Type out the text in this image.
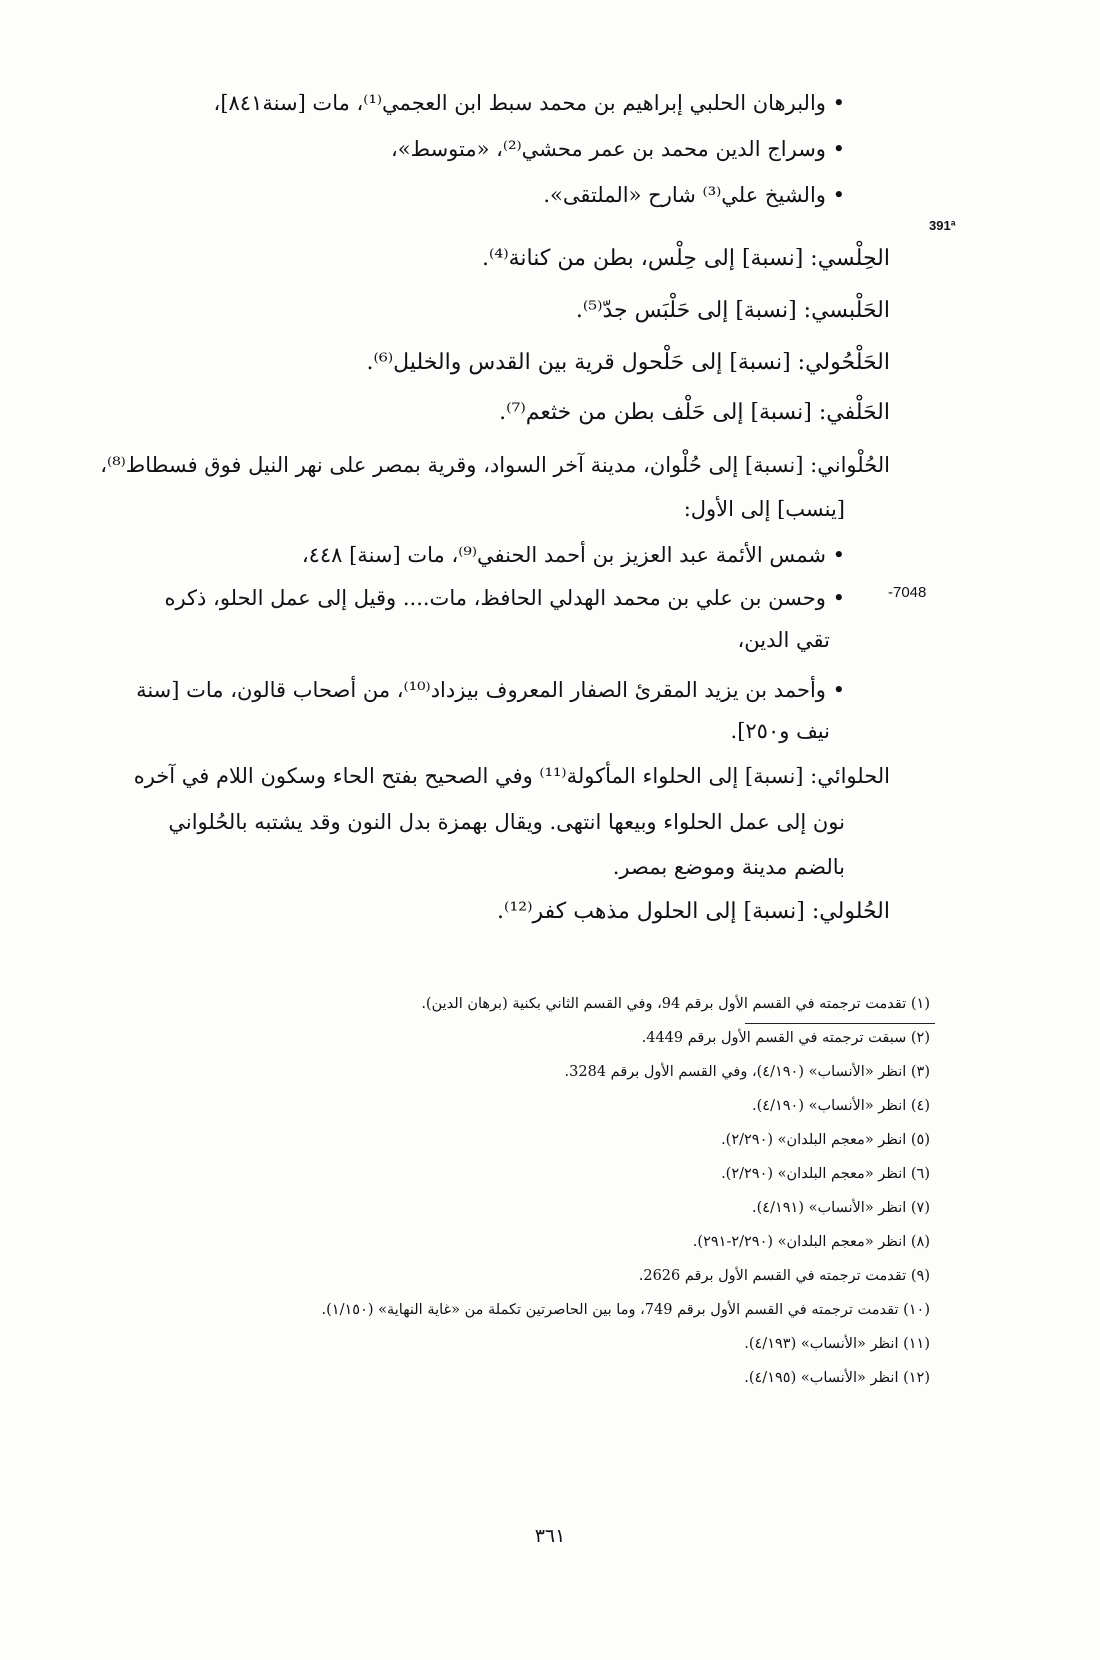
• والبرهان الحلبي إبراهيم بن محمد سبط ابن العجمي⁽¹⁾، مات [سنة٨٤١]،
• وسراج الدين محمد بن عمر محشي⁽²⁾، «متوسط»،
• والشيخ علي⁽³⁾ شارح «الملتقى».
391ª
الحِلْسي: [نسبة] إلى حِلْس، بطن من كنانة⁽⁴⁾.
الحَلْبسي: [نسبة] إلى حَلْبَس جدّ⁽⁵⁾.
الحَلْحُولي: [نسبة] إلى حَلْحول قرية بين القدس والخليل⁽⁶⁾.
الحَلْفي: [نسبة] إلى حَلْف بطن من خثعم⁽⁷⁾.
الحُلْواني: [نسبة] إلى حُلْوان، مدينة آخر السواد، وقرية بمصر على نهر النيل فوق فسطاط⁽⁸⁾،
[ينسب] إلى الأول:
• شمس الأئمة عبد العزيز بن أحمد الحنفي⁽⁹⁾، مات [سنة] ٤٤٨،
-7048
• وحسن بن علي بن محمد الهدلي الحافظ، مات.... وقيل إلى عمل الحلو، ذكره
تقي الدين،
• وأحمد بن يزيد المقرئ الصفار المعروف بيزداد⁽¹⁰⁾، من أصحاب قالون، مات [سنة
نيف و٢٥٠].
الحلوائي: [نسبة] إلى الحلواء المأكولة⁽¹¹⁾ وفي الصحيح بفتح الحاء وسكون اللام في آخره
نون إلى عمل الحلواء وبيعها انتهى. ويقال بهمزة بدل النون وقد يشتبه بالحُلواني
بالضم مدينة وموضع بمصر.
الحُلولي: [نسبة] إلى الحلول مذهب كفر⁽¹²⁾.
(١) تقدمت ترجمته في القسم الأول برقم 94، وفي القسم الثاني بكنية (برهان الدين).
(٢) سبقت ترجمته في القسم الأول برقم 4449.
(٣) انظر «الأنساب» (٤/١٩٠)، وفي القسم الأول برقم 3284.
(٤) انظر «الأنساب» (٤/١٩٠).
(٥) انظر «معجم البلدان» (٢/٢٩٠).
(٦) انظر «معجم البلدان» (٢/٢٩٠).
(٧) انظر «الأنساب» (٤/١٩١).
(٨) انظر «معجم البلدان» (٢/٢٩٠-٢٩١).
(٩) تقدمت ترجمته في القسم الأول برقم 2626.
(١٠) تقدمت ترجمته في القسم الأول برقم 749، وما بين الحاصرتين تكملة من «غاية النهاية» (١/١٥٠).
(١١) انظر «الأنساب» (٤/١٩٣).
(١٢) انظر «الأنساب» (٤/١٩٥).
٣٦١
